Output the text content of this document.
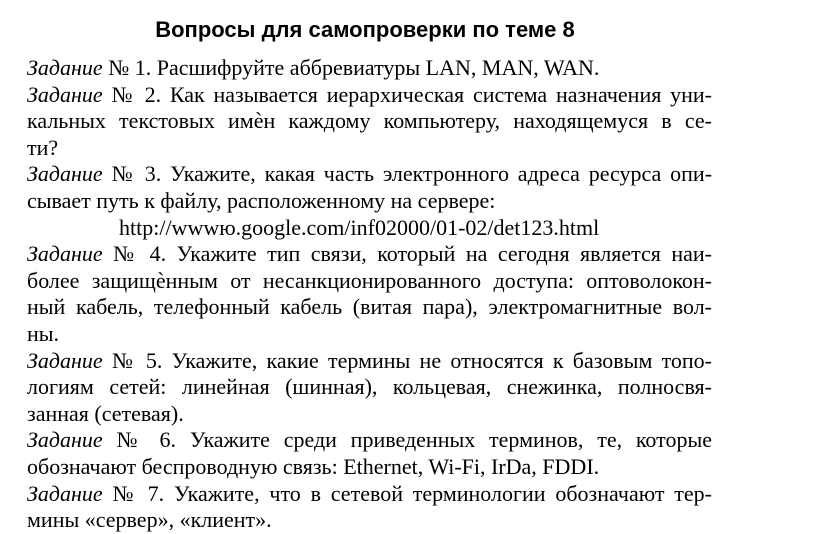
Вопросы для самопроверки по теме 8
Задание № 1. Расшифруйте аббревиатуры LAN, MAN, WAN.
Задание № 2. Как называется иерархическая система назначения уни-
кальных текстовых имѐн каждому компьютеру, находящемуся в се-
ти?
Задание № 3. Укажите, какая часть электронного адреса ресурса опи-
сывает путь к файлу, расположенному на сервере:
http://wwwю.google.com/inf02000/01-02/det123.html
Задание № 4. Укажите тип связи, который на сегодня является наи-
более защищѐнным от несанкционированного доступа: оптоволокон-
ный кабель, телефонный кабель (витая пара), электромагнитные вол-
ны.
Задание № 5. Укажите, какие термины не относятся к базовым топо-
логиям сетей: линейная (шинная), кольцевая, снежинка, полносвя-
занная (сетевая).
Задание № 6. Укажите среди приведенных терминов, те, которые
обозначают беспроводную связь: Ethernet, Wi-Fi, IrDa, FDDI.
Задание № 7. Укажите, что в сетевой терминологии обозначают тер-
мины «сервер», «клиент».
